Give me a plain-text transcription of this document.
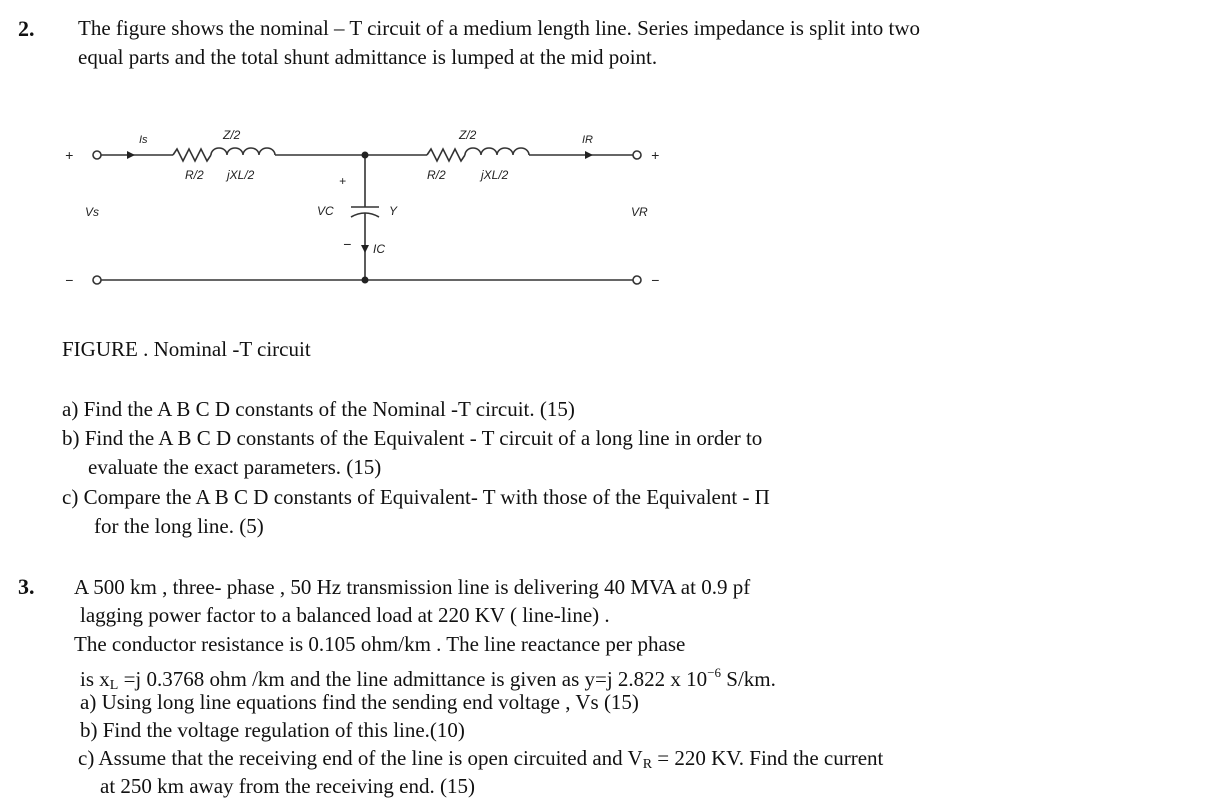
2. The figure shows the nominal – T circuit of a medium length line. Series impedance is split into two
equal parts and the total shunt admittance is lumped at the mid point.
+
−
+
−
Is	IR
Z/2	Z/2
R/2	R/2
jXL/2	jXL/2
Vs	VR
VC	Y
IC
+
−
FIGURE . Nominal -T circuit
a) Find the A B C D constants of the Nominal -T circuit. (15)
b) Find the A B C D constants of the Equivalent - T circuit of a long line in order to
evaluate the exact parameters. (15)
c) Compare the A B C D constants of Equivalent- T with those of the Equivalent - Π
for the long line. (5)
3. A 500 km , three- phase , 50 Hz transmission line is delivering 40 MVA at 0.9 pf
lagging power factor to a balanced load at 220 KV ( line-line) .
The conductor resistance is 0.105 ohm/km . The line reactance per phase
is $x_L =j$ 0.3768 ohm /km and the line admittance is given as y=j 2.822 x $10^{-6}$ S/km.
a) Using long line equations find the sending end voltage , Vs (15)
b) Find the voltage regulation of this line.(10)
c) Assume that the receiving end of the line is open circuited and $V_R = 220$ KV. Find the current
at 250 km away from the receiving end. (15)
